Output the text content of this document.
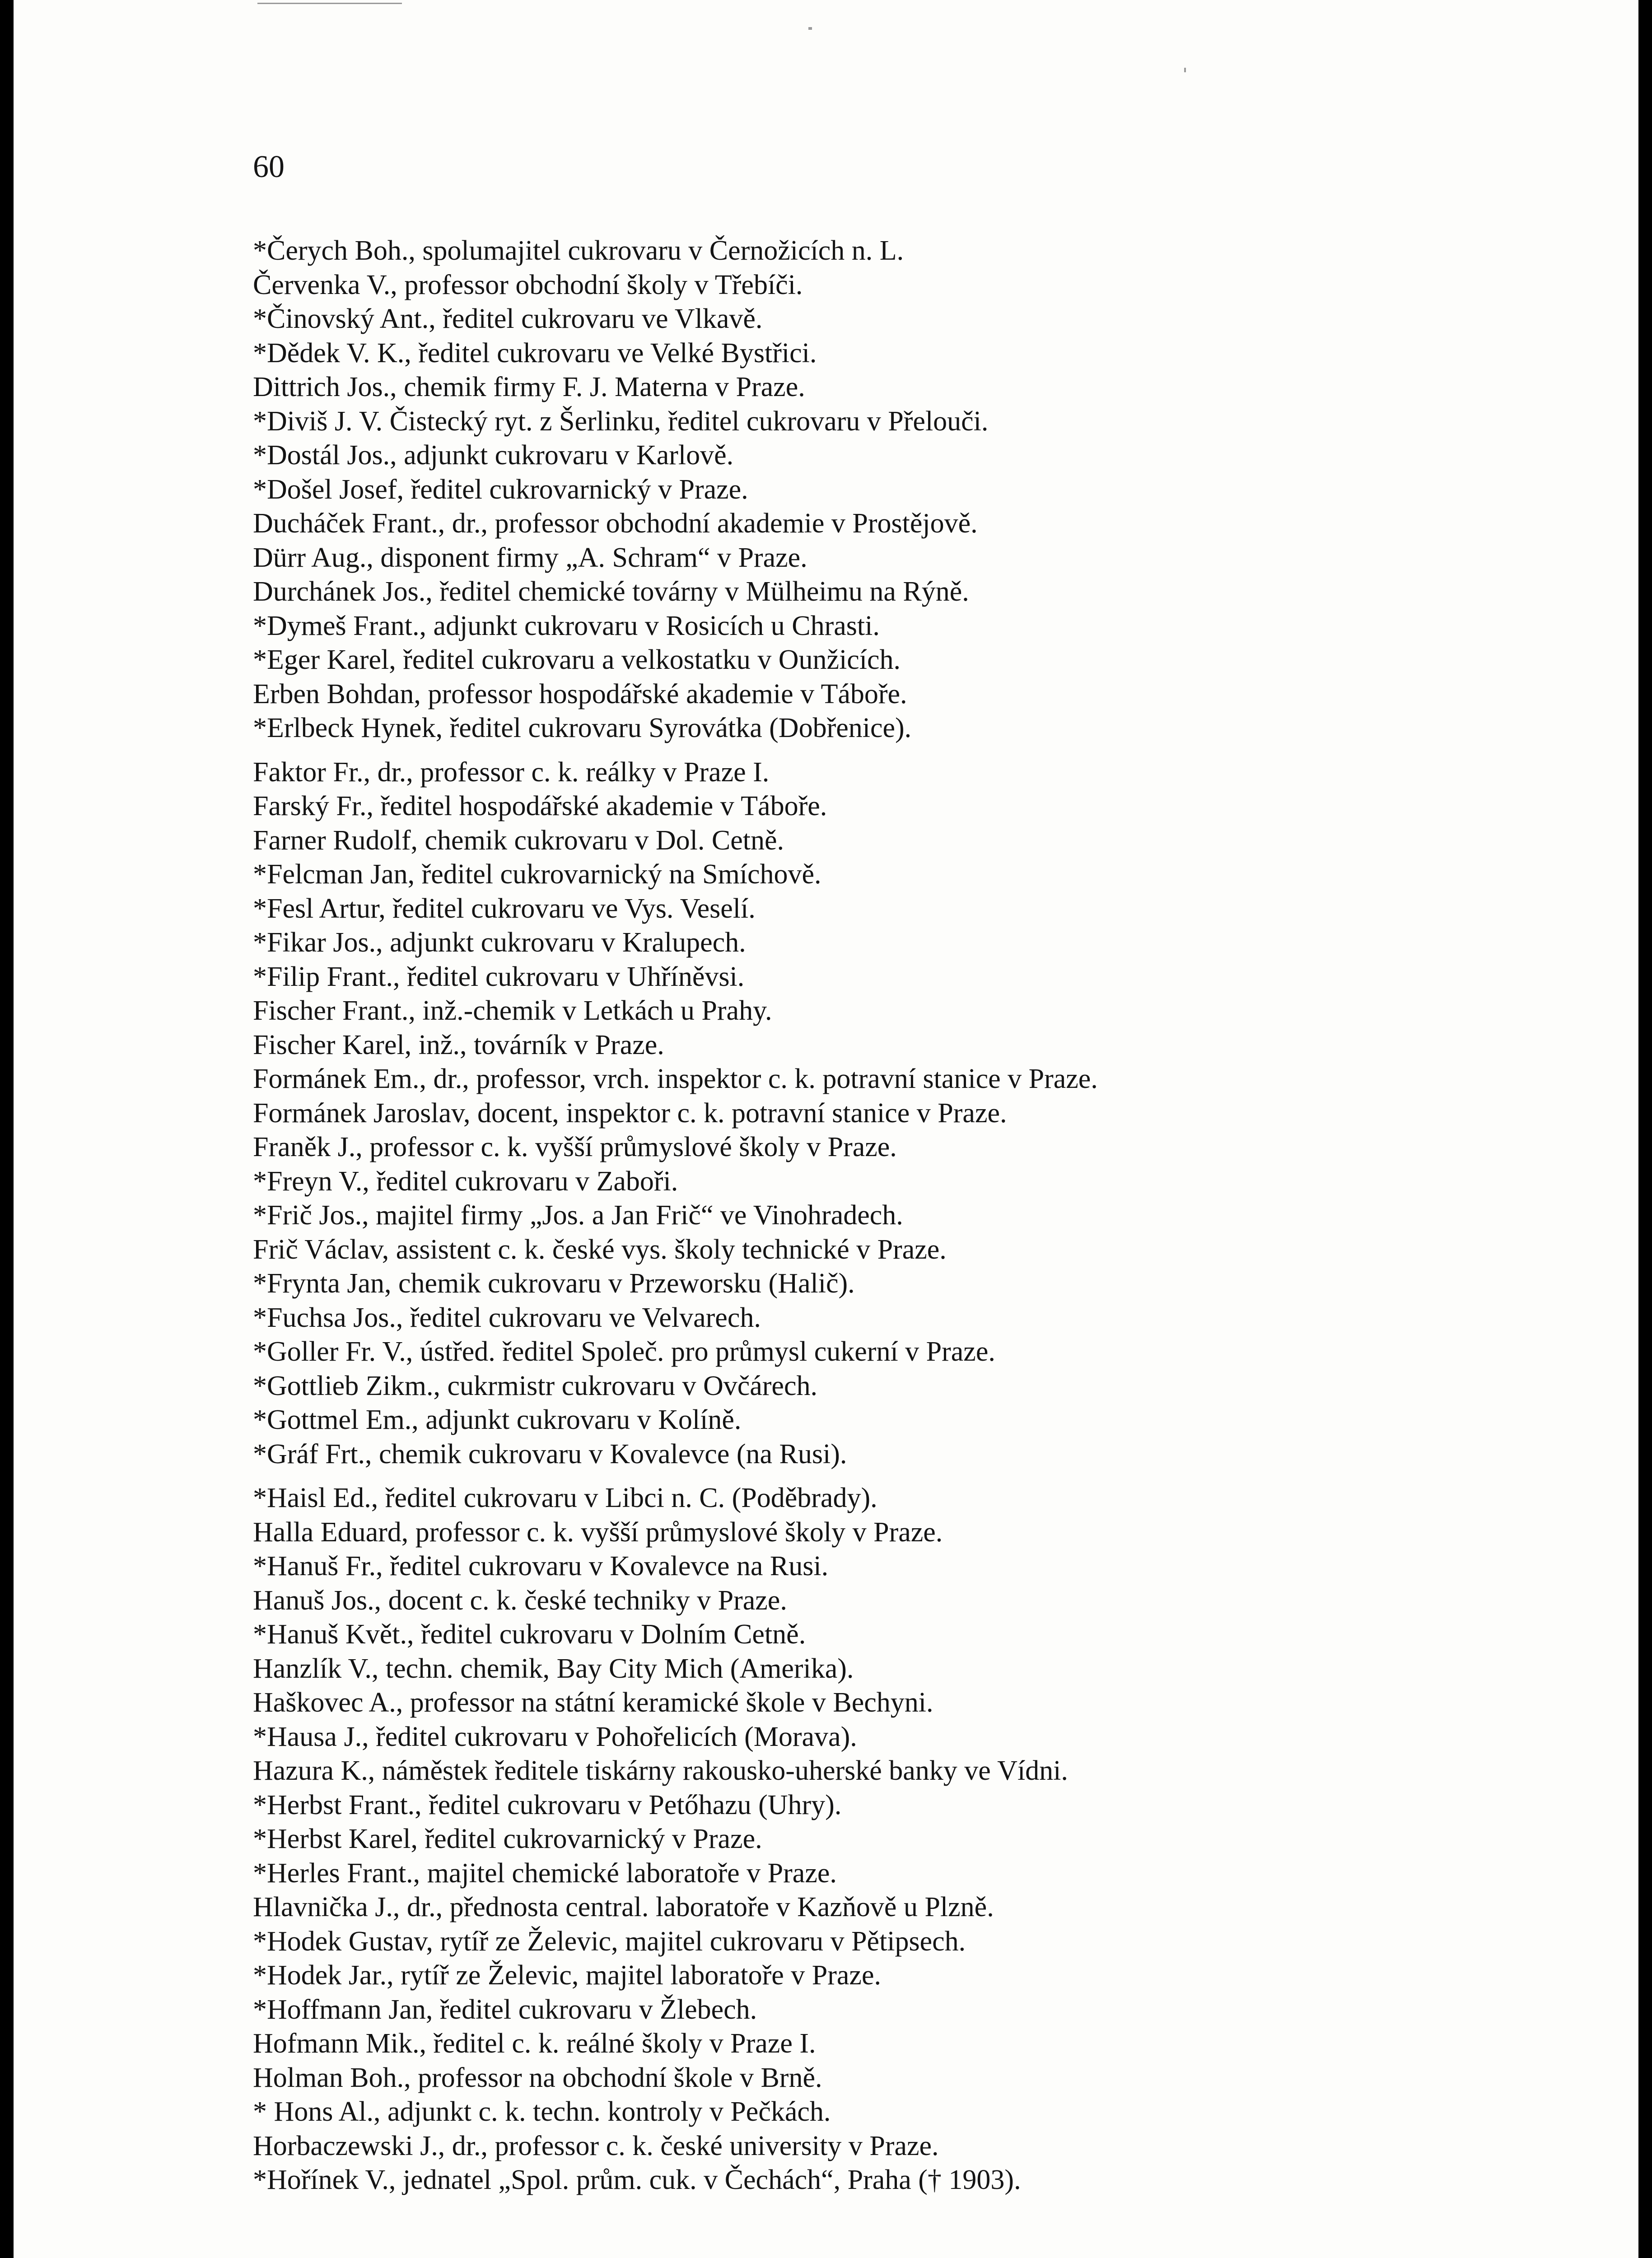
60

*Čerych Boh., spolumajitel cukrovaru v Černožicích n. L.

Červenka V., professor obchodní školy v Třebíči.

*Činovský Ant., ředitel cukrovaru ve Vlkavě.

*Dědek V. K., ředitel cukrovaru ve Velké Bystřici.

Dittrich Jos., chemik firmy F. J. Materna v Praze.

*Diviš J. V. Čistecký ryt. z Šerlinku, ředitel cukrovaru v Přelouči.

*Dostál Jos., adjunkt cukrovaru v Karlově.

*Došel Josef, ředitel cukrovarnický v Praze.

Ducháček Frant., dr., professor obchodní akademie v Prostějově.

Dürr Aug., disponent firmy „A. Schram“ v Praze.

Durchánek Jos., ředitel chemické továrny v Mülheimu na Rýně.

*Dymeš Frant., adjunkt cukrovaru v Rosicích u Chrasti.

*Eger Karel, ředitel cukrovaru a velkostatku v Ounžicích.

Erben Bohdan, professor hospodářské akademie v Táboře.

*Erlbeck Hynek, ředitel cukrovaru Syrovátka (Dobřenice).

Faktor Fr., dr., professor c. k. reálky v Praze I.

Farský Fr., ředitel hospodářské akademie v Táboře.

Farner Rudolf, chemik cukrovaru v Dol. Cetně.

*Felcman Jan, ředitel cukrovarnický na Smíchově.

*Fesl Artur, ředitel cukrovaru ve Vys. Veselí.

*Fikar Jos., adjunkt cukrovaru v Kralupech.

*Filip Frant., ředitel cukrovaru v Uhříněvsi.

Fischer Frant., inž.-chemik v Letkách u Prahy.

Fischer Karel, inž., továrník v Praze.

Formánek Em., dr., professor, vrch. inspektor c. k. potravní stanice v Praze.

Formánek Jaroslav, docent, inspektor c. k. potravní stanice v Praze.

Franěk J., professor c. k. vyšší průmyslové školy v Praze.

*Freyn V., ředitel cukrovaru v Zaboři.

*Frič Jos., majitel firmy „Jos. a Jan Frič“ ve Vinohradech.

Frič Václav, assistent c. k. české vys. školy technické v Praze.

*Frynta Jan, chemik cukrovaru v Przeworsku (Halič).

*Fuchsa Jos., ředitel cukrovaru ve Velvarech.

*Goller Fr. V., ústřed. ředitel Společ. pro průmysl cukerní v Praze.

*Gottlieb Zikm., cukrmistr cukrovaru v Ovčárech.

*Gottmel Em., adjunkt cukrovaru v Kolíně.

*Gráf Frt., chemik cukrovaru v Kovalevce (na Rusi).

*Haisl Ed., ředitel cukrovaru v Libci n. C. (Poděbrady).

Halla Eduard, professor c. k. vyšší průmyslové školy v Praze.

*Hanuš Fr., ředitel cukrovaru v Kovalevce na Rusi.

Hanuš Jos., docent c. k. české techniky v Praze.

*Hanuš Květ., ředitel cukrovaru v Dolním Cetně.

Hanzlík V., techn. chemik, Bay City Mich (Amerika).

Haškovec A., professor na státní keramické škole v Bechyni.

*Hausa J., ředitel cukrovaru v Pohořelicích (Morava).

Hazura K., náměstek ředitele tiskárny rakousko-uherské banky ve Vídni.

*Herbst Frant., ředitel cukrovaru v Petőhazu (Uhry).

*Herbst Karel, ředitel cukrovarnický v Praze.

*Herles Frant., majitel chemické laboratoře v Praze.

Hlavnička J., dr., přednosta central. laboratoře v Kazňově u Plzně.

*Hodek Gustav, rytíř ze Želevic, majitel cukrovaru v Pětipsech.

*Hodek Jar., rytíř ze Želevic, majitel laboratoře v Praze.

*Hoffmann Jan, ředitel cukrovaru v Žlebech.

Hofmann Mik., ředitel c. k. reálné školy v Praze I.

Holman Boh., professor na obchodní škole v Brně.

* Hons Al., adjunkt c. k. techn. kontroly v Pečkách.

Horbaczewski J., dr., professor c. k. české university v Praze.

*Hořínek V., jednatel „Spol. prům. cuk. v Čechách“, Praha († 1903).
